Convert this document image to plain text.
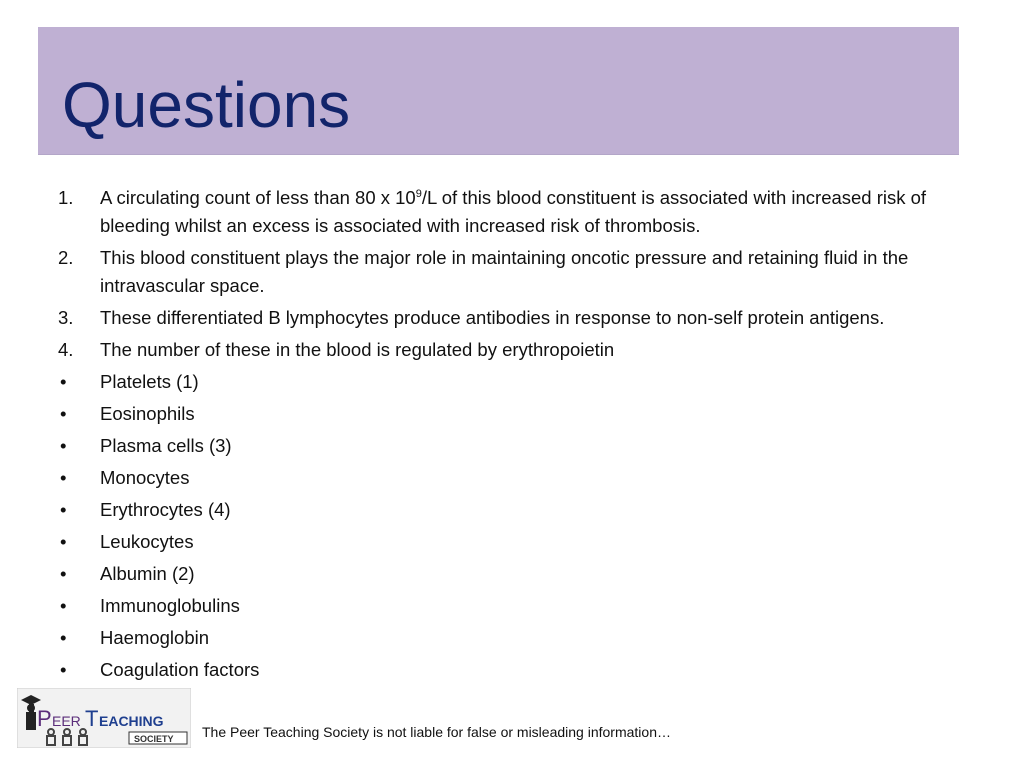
Questions
1.	A circulating count of less than 80 x $10^9/L$ of this blood constituent is associated with increased risk of bleeding whilst an excess is associated with increased risk of thrombosis.
2.	This blood constituent plays the major role in maintaining oncotic pressure and retaining fluid in the intravascular space.
3.	These differentiated B lymphocytes produce antibodies in response to non-self protein antigens.
4.	The number of these in the blood is regulated by erythropoietin
•	Platelets (1)
•	Eosinophils
•	Plasma cells (3)
•	Monocytes
•	Erythrocytes (4)
•	Leukocytes
•	Albumin (2)
•	Immunoglobulins
•	Haemoglobin
•	Coagulation factors
P EER T EACHING
SOCIETY The Peer Teaching Society is not liable for false or misleading information…
